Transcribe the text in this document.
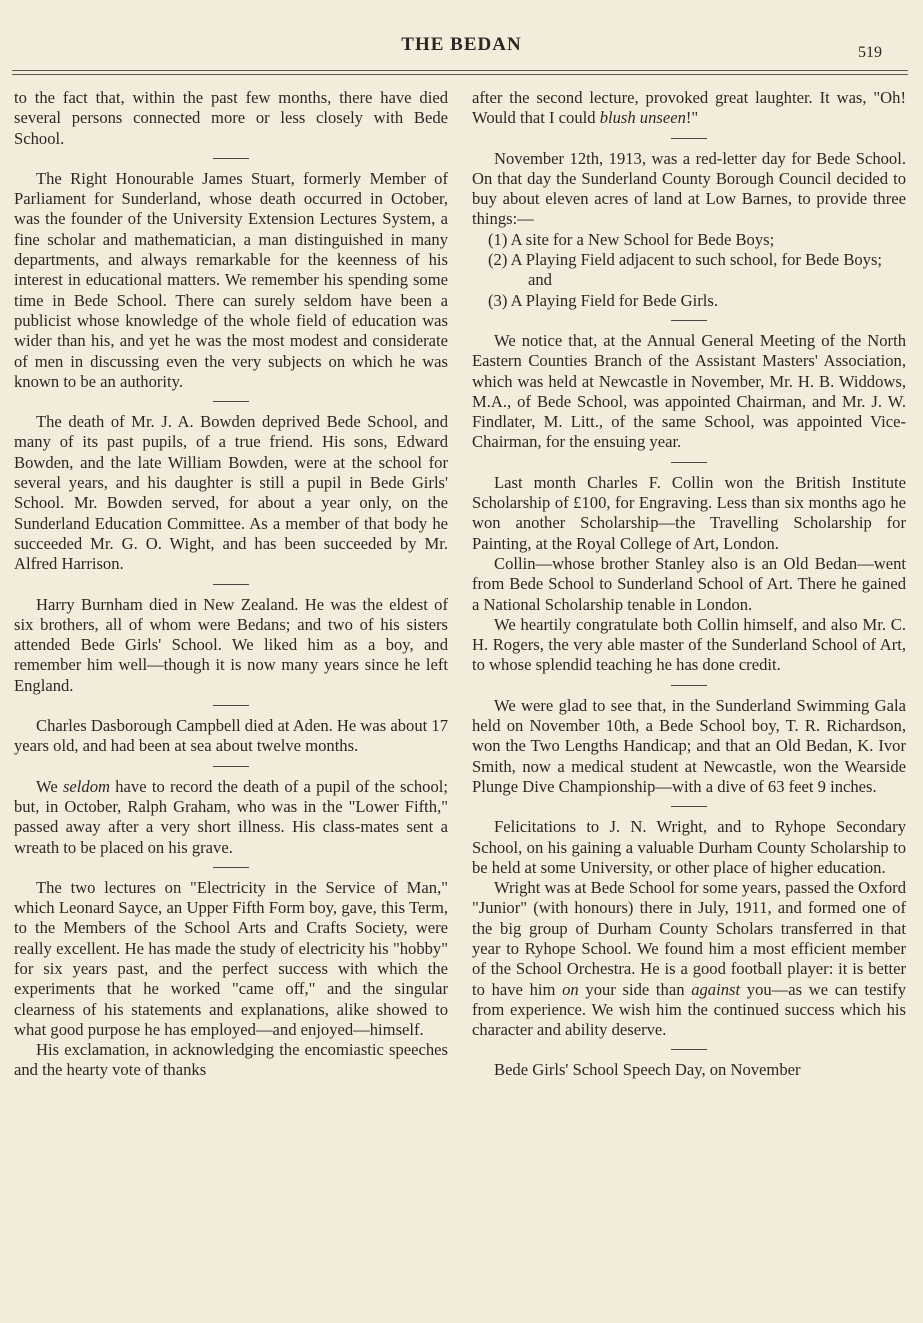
THE BEDAN	519

to the fact that, within the past few months, there have died several persons connected more or less closely with Bede School.

The Right Honourable James Stuart, formerly Member of Parliament for Sunderland, whose death occurred in October, was the founder of the University Extension Lectures System, a fine scholar and mathematician, a man distinguished in many departments, and always remarkable for the keenness of his interest in educational matters. We remember his spending some time in Bede School. There can surely seldom have been a publicist whose knowledge of the whole field of education was wider than his, and yet he was the most modest and considerate of men in discussing even the very subjects on which he was known to be an authority.

The death of Mr. J. A. Bowden deprived Bede School, and many of its past pupils, of a true friend. His sons, Edward Bowden, and the late William Bowden, were at the school for several years, and his daughter is still a pupil in Bede Girls' School. Mr. Bowden served, for about a year only, on the Sunderland Education Committee. As a member of that body he succeeded Mr. G. O. Wight, and has been succeeded by Mr. Alfred Harrison.

Harry Burnham died in New Zealand. He was the eldest of six brothers, all of whom were Bedans; and two of his sisters attended Bede Girls' School. We liked him as a boy, and remember him well—though it is now many years since he left England.

Charles Dasborough Campbell died at Aden. He was about 17 years old, and had been at sea about twelve months.

We seldom have to record the death of a pupil of the school; but, in October, Ralph Graham, who was in the "Lower Fifth," passed away after a very short illness. His class-mates sent a wreath to be placed on his grave.

The two lectures on "Electricity in the Service of Man," which Leonard Sayce, an Upper Fifth Form boy, gave, this Term, to the Members of the School Arts and Crafts Society, were really excellent. He has made the study of electricity his "hobby" for six years past, and the perfect success with which the experiments that he worked "came off," and the singular clearness of his statements and explanations, alike showed to what good purpose he has employed—and enjoyed—himself.

His exclamation, in acknowledging the encomiastic speeches and the hearty vote of thanks

after the second lecture, provoked great laughter. It was, "Oh! Would that I could blush unseen!"

November 12th, 1913, was a red-letter day for Bede School. On that day the Sunderland County Borough Council decided to buy about eleven acres of land at Low Barnes, to provide three things:—

(1) A site for a New School for Bede Boys;
(2) A Playing Field adjacent to such school, for Bede Boys; and
(3) A Playing Field for Bede Girls.

We notice that, at the Annual General Meeting of the North Eastern Counties Branch of the Assistant Masters' Association, which was held at Newcastle in November, Mr. H. B. Widdows, M.A., of Bede School, was appointed Chairman, and Mr. J. W. Findlater, M. Litt., of the same School, was appointed Vice-Chairman, for the ensuing year.

Last month Charles F. Collin won the British Institute Scholarship of £100, for Engraving. Less than six months ago he won another Scholarship—the Travelling Scholarship for Painting, at the Royal College of Art, London.

Collin—whose brother Stanley also is an Old Bedan—went from Bede School to Sunderland School of Art. There he gained a National Scholarship tenable in London.

We heartily congratulate both Collin himself, and also Mr. C. H. Rogers, the very able master of the Sunderland School of Art, to whose splendid teaching he has done credit.

We were glad to see that, in the Sunderland Swimming Gala held on November 10th, a Bede School boy, T. R. Richardson, won the Two Lengths Handicap; and that an Old Bedan, K. Ivor Smith, now a medical student at Newcastle, won the Wearside Plunge Dive Championship—with a dive of 63 feet 9 inches.

Felicitations to J. N. Wright, and to Ryhope Secondary School, on his gaining a valuable Durham County Scholarship to be held at some University, or other place of higher education.

Wright was at Bede School for some years, passed the Oxford "Junior" (with honours) there in July, 1911, and formed one of the big group of Durham County Scholars transferred in that year to Ryhope School. We found him a most efficient member of the School Orchestra. He is a good football player: it is better to have him on your side than against you—as we can testify from experience. We wish him the continued success which his character and ability deserve.

Bede Girls' School Speech Day, on November
